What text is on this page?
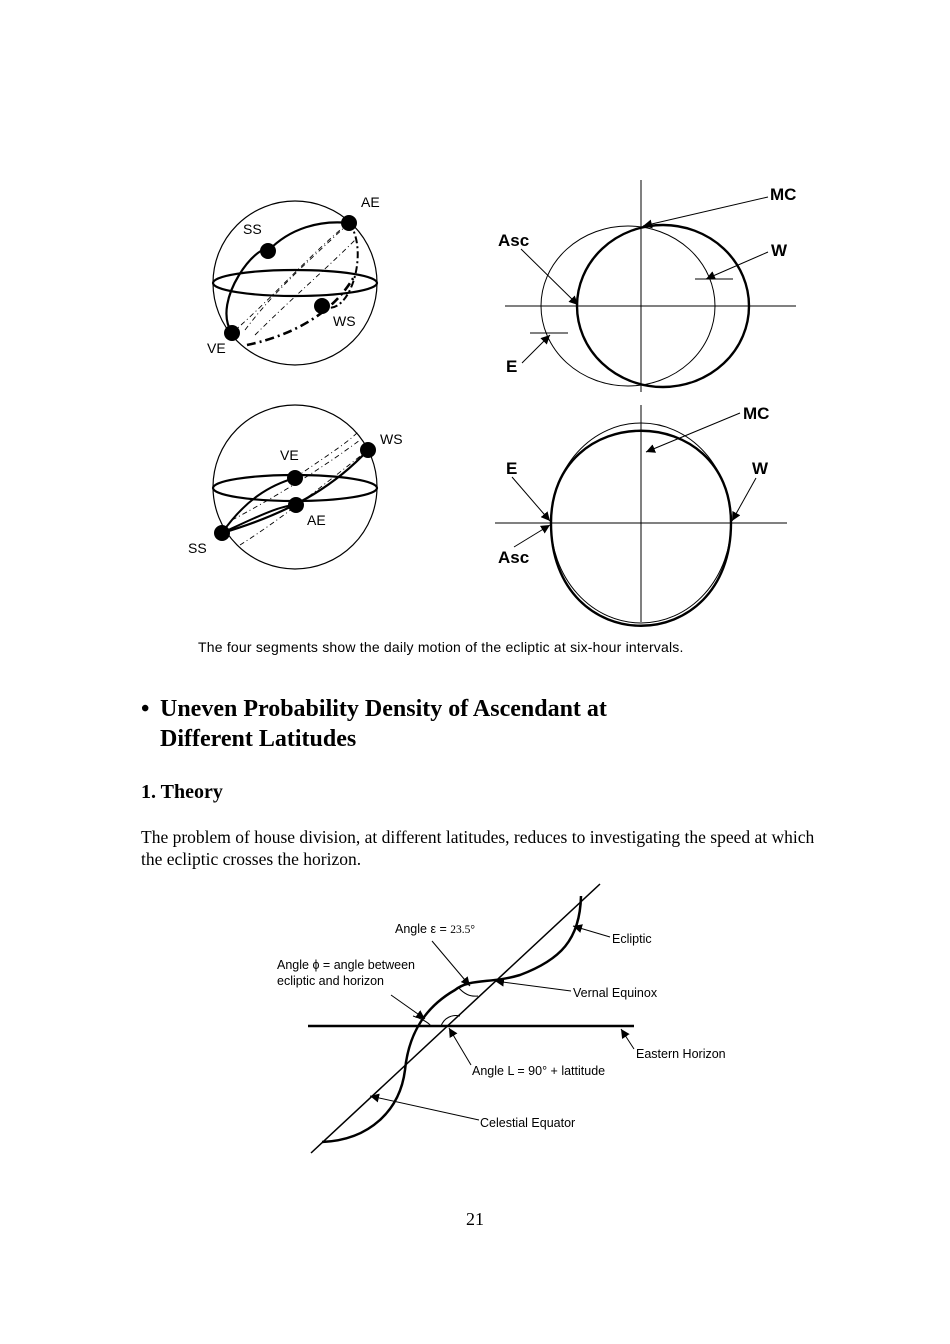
SS
AE
WS
VE
MC
Asc
W
E
WS
VE
AE
SS
MC
E	W
Asc
Angle ε = 23.5°
Angle ϕ = angle between
ecliptic and horizon
Ecliptic
Vernal Equinox
Eastern Horizon
Angle L = 90° + lattitude
Celestial Equator

The four segments show the daily motion of the ecliptic at six-hour intervals.

• Uneven Probability Density of Ascendant at
Different Latitudes
1. Theory

The problem of house division, at different latitudes, reduces to investigating the speed at which the ecliptic crosses the horizon.

21
